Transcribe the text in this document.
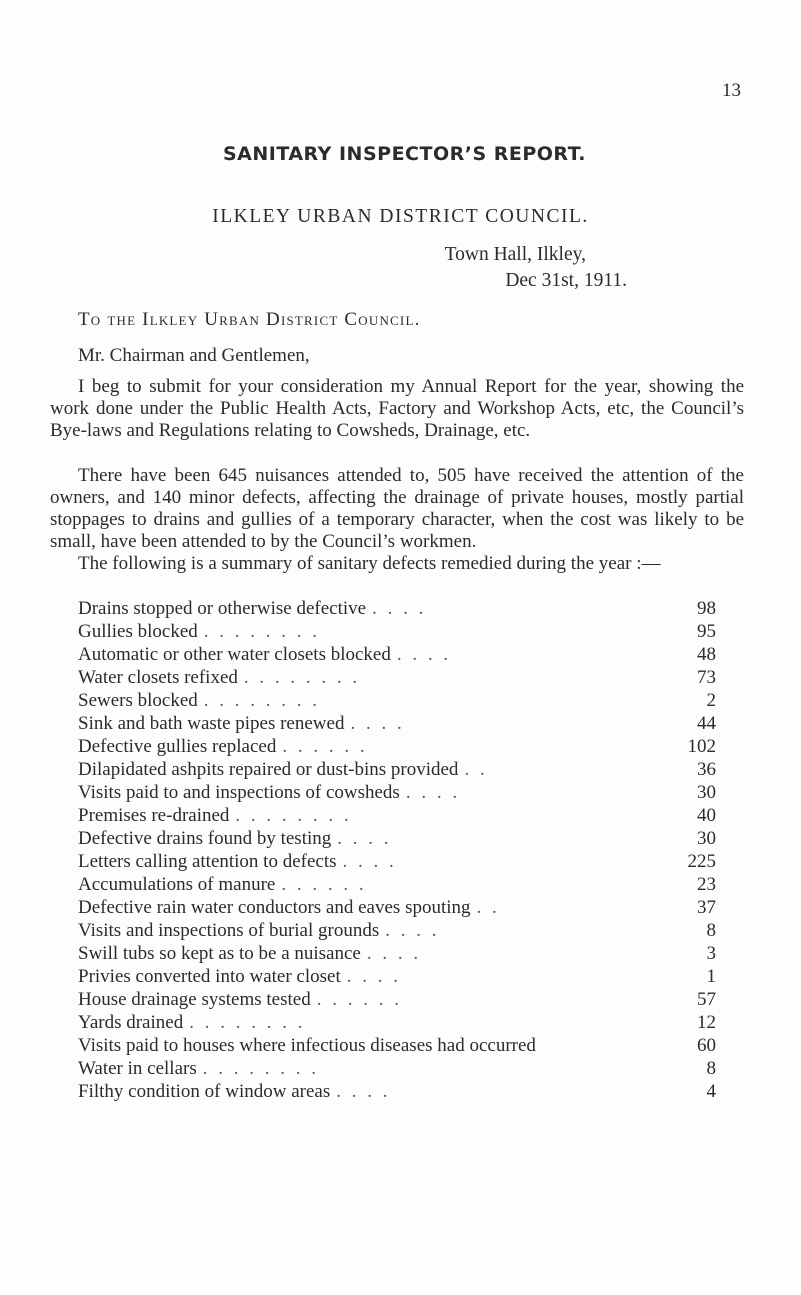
13
SANITARY INSPECTOR’S REPORT.
ILKLEY URBAN DISTRICT COUNCIL.
Town Hall, Ilkley,
Dec 31st, 1911.
To the Ilkley Urban District Council.
Mr. Chairman and Gentlemen,

I beg to submit for your consideration my Annual Report for the year, showing the work done under the Public Health Acts, Factory and Workshop Acts, etc, the Council’s Bye-laws and Regulations relating to Cowsheds, Drainage, etc.

There have been 645 nuisances attended to, 505 have received the attention of the owners, and 140 minor defects, affecting the drainage of private houses, mostly partial stoppages to drains and gullies of a temporary character, when the cost was likely to be small, have been attended to by the Council’s workmen.

The following is a summary of sanitary defects remedied during the year :—

Drains stopped or otherwise defective . . . .	98
Gullies blocked . . . . . . . .	95
Automatic or other water closets blocked . . . .	48
Water closets refixed . . . . . . . .	73
Sewers blocked . . . . . . . .	2
Sink and bath waste pipes renewed . . . .	44
Defective gullies replaced . . . . . .	102
Dilapidated ashpits repaired or dust-bins provided . .	36
Visits paid to and inspections of cowsheds . . . .	30
Premises re-drained . . . . . . . .	40
Defective drains found by testing . . . .	30
Letters calling attention to defects . . . .	225
Accumulations of manure . . . . . .	23
Defective rain water conductors and eaves spouting . .	37
Visits and inspections of burial grounds . . . .	8
Swill tubs so kept as to be a nuisance . . . .	3
Privies converted into water closet . . . .	1
House drainage systems tested . . . . . .	57
Yards drained . . . . . . . .	12
Visits paid to houses where infectious diseases had occurred	60
Water in cellars . . . . . . . .	8
Filthy condition of window areas . . . .	4
